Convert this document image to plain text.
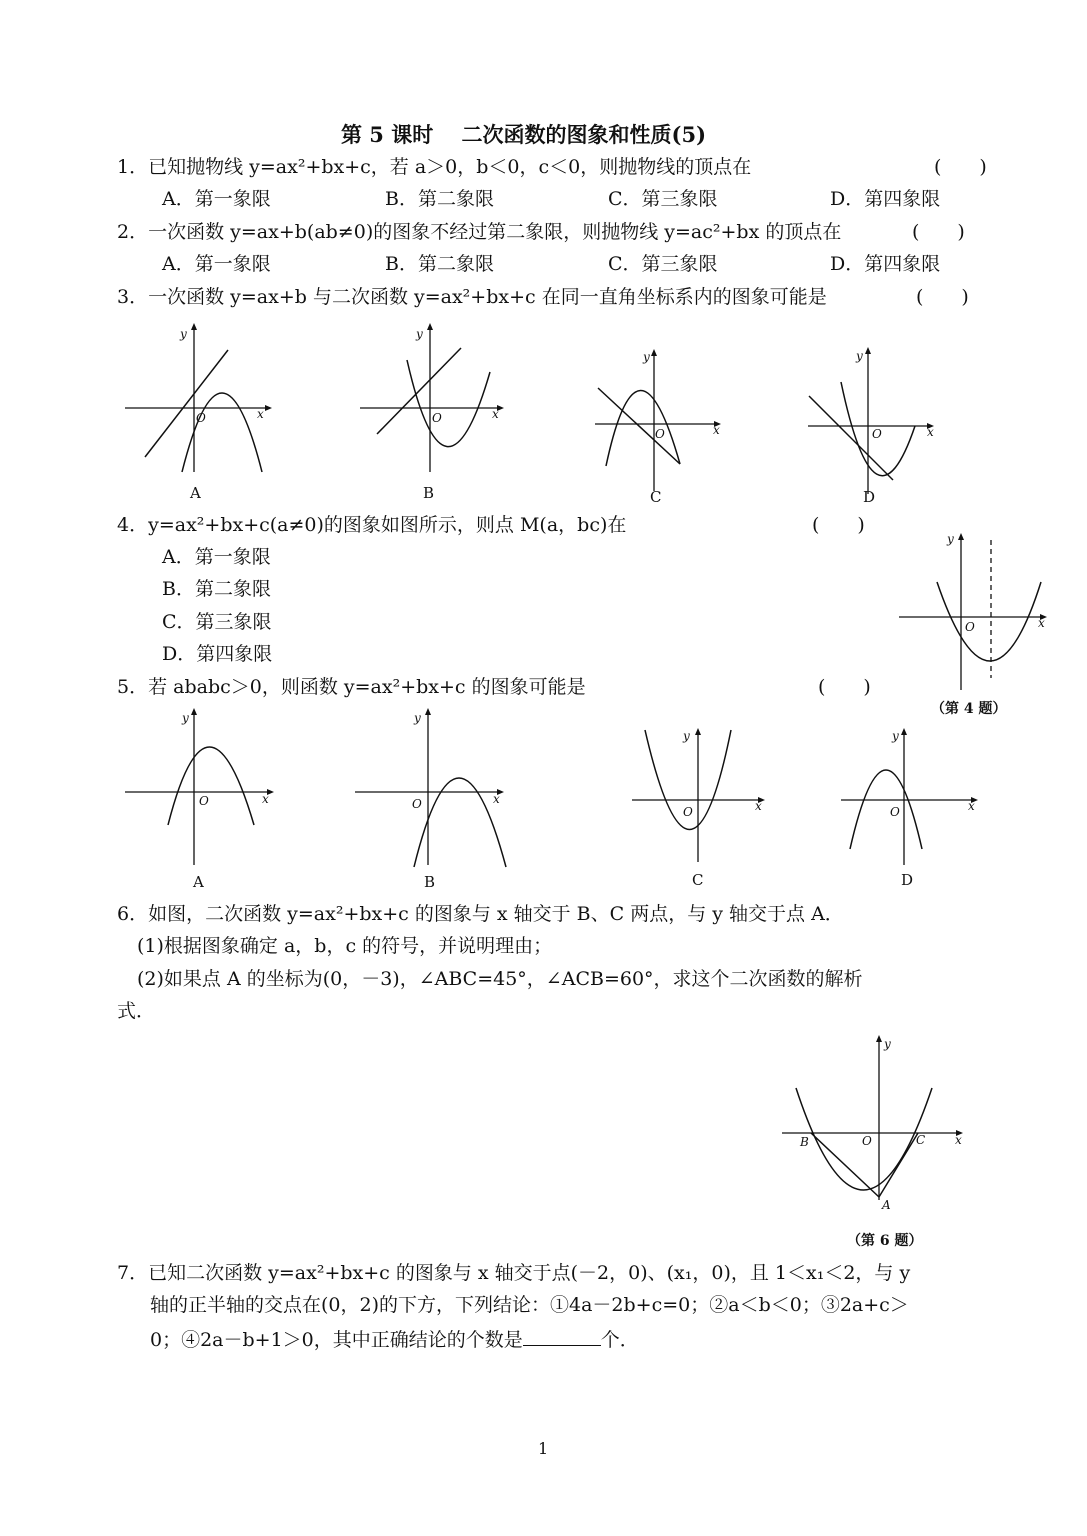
第 5 课时　 二次函数的图象和性质(5)
1．已知抛物线 y=ax²+bx+c，若 a＞0，b＜0，c＜0，则抛物线的顶点在	(　　)
A．第一象限	B．第二象限	C．第三象限	D．第四象限
2．一次函数 y=ax+b(ab≠0)的图象不经过第二象限，则抛物线 y=ac²+bx 的顶点在	(　　)
A．第一象限	B．第二象限	C．第三象限	D．第四象限
3．一次函数 y=ax+b 与二次函数 y=ax²+bx+c 在同一直角坐标系内的图象可能是	(　　)
x
y
O
A
x
y
O
B
x
y
O
C
x
y
O
D
4．y=ax²+bx+c(a≠0)的图象如图所示，则点 M(a，bc)在	(　　)
A．第一象限
B．第二象限
C．第三象限
D．第四象限
x
y
O
（第 4 题）
5．若 ababc＞0，则函数 y=ax²+bx+c 的图象可能是	(　　)
x
y
O
A
x
y
O
B
x
y
O
C
x
y
O
D
6．如图，二次函数 y=ax²+bx+c 的图象与 x 轴交于 B、C 两点，与 y 轴交于点 A．
(1)根据图象确定 a，b，c 的符号，并说明理由；
(2)如果点 A 的坐标为(0，－3)，∠ABC=45°，∠ACB=60°，求这个二次函数的解析
式．
x
y
O
B	C
A
（第 6 题）
7．已知二次函数 y=ax²+bx+c 的图象与 x 轴交于点(－2，0)、(x₁，0)，且 1＜x₁＜2，与 y
轴的正半轴的交点在(0，2)的下方，下列结论：①4a－2b+c=0；②a＜b＜0；③2a+c＞
0；④2a－b+1＞0，其中正确结论的个数是	个．
1
